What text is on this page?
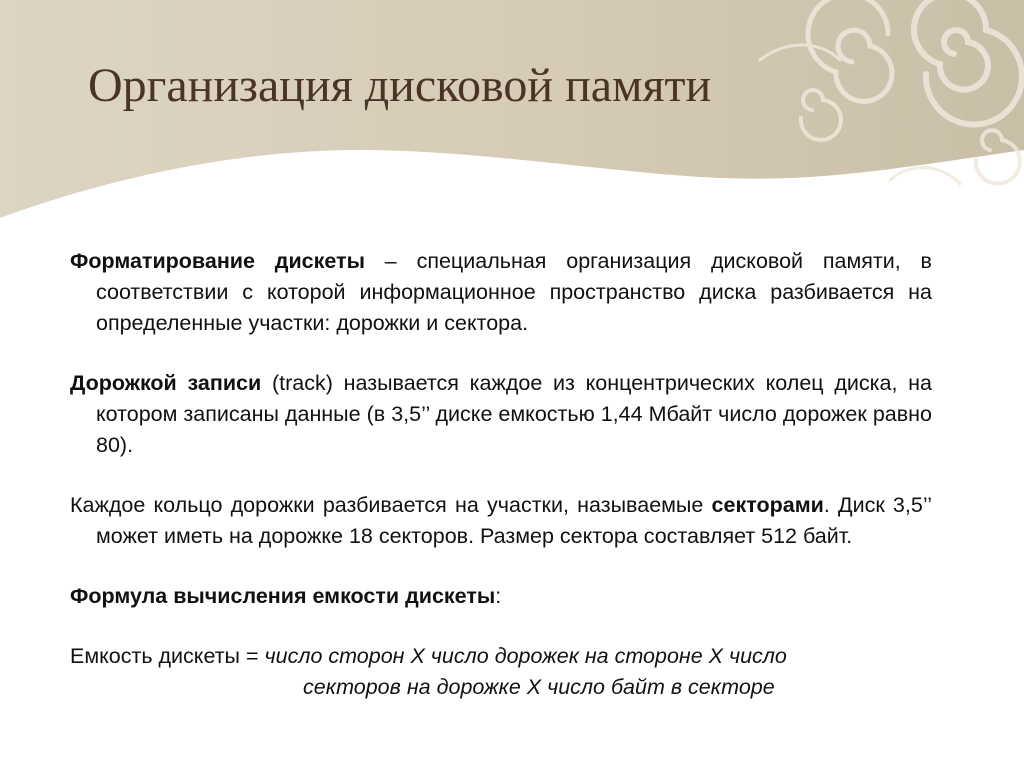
Организация дисковой памяти

Форматирование дискеты – специальная организация дисковой памяти, в соответствии с которой информационное пространство диска разбивается на определенные участки: дорожки и сектора.

Дорожкой записи (track) называется каждое из концентрических колец диска, на котором записаны данные (в 3,5’’ диске емкостью 1,44 Мбайт число дорожек равно 80).

Каждое кольцо дорожки разбивается на участки, называемые секторами. Диск 3,5’’ может иметь на дорожке 18 секторов. Размер сектора составляет 512 байт.

Формула вычисления емкости дискеты:

Емкость дискеты = число сторон Х число дорожек на стороне Х число
секторов на дорожке Х число байт в секторе
